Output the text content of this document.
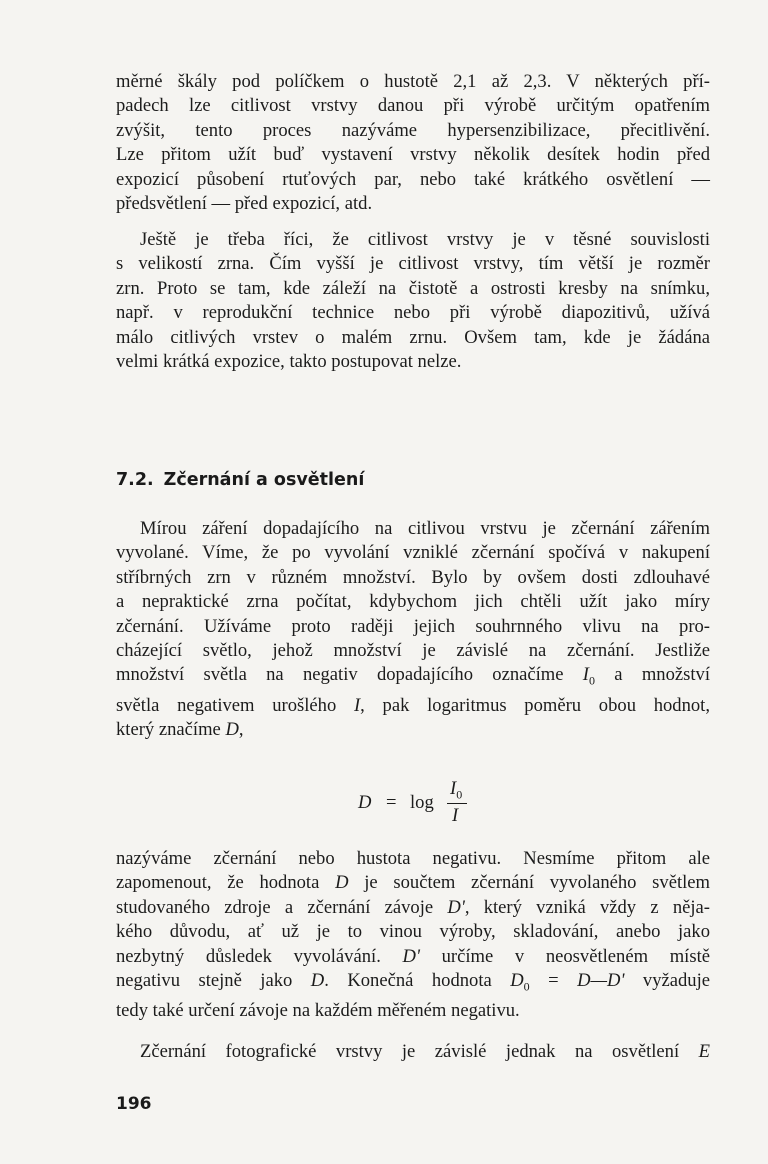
měrné škály pod políčkem o hustotě 2,1 až 2,3. V některých pří-
padech lze citlivost vrstvy danou při výrobě určitým opatřením
zvýšit, tento proces nazýváme hypersenzibilizace, přecitlivění.
Lze přitom užít buď vystavení vrstvy několik desítek hodin před
expozicí působení rtuťových par, nebo také krátkého osvětlení —
předsvětlení — před expozicí, atd.

Ještě je třeba říci, že citlivost vrstvy je v těsné souvislosti
s velikostí zrna. Čím vyšší je citlivost vrstvy, tím větší je rozměr
zrn. Proto se tam, kde záleží na čistotě a ostrosti kresby na snímku,
např. v reprodukční technice nebo při výrobě diapozitivů, užívá
málo citlivých vrstev o malém zrnu. Ovšem tam, kde je žádána
velmi krátká expozice, takto postupovat nelze.

7.2. Zčernání a osvětlení

Mírou záření dopadajícího na citlivou vrstvu je zčernání zářením
vyvolané. Víme, že po vyvolání vzniklé zčernání spočívá v nakupení
stříbrných zrn v různém množství. Bylo by ovšem dosti zdlouhavé
a nepraktické zrna počítat, kdybychom jich chtěli užít jako míry
zčernání. Užíváme proto raději jejich souhrnného vlivu na pro-
cházející světlo, jehož množství je závislé na zčernání. Jestliže
množství světla na negativ dopadajícího označíme $I_0$ a množství
světla negativem urošlého I, pak logaritmus poměru obou hodnot,
který značíme D,

D = log
$I_0$
I

nazýváme zčernání nebo hustota negativu. Nesmíme přitom ale
zapomenout, že hodnota D je součtem zčernání vyvolaného světlem
studovaného zdroje a zčernání závoje D', který vzniká vždy z něja-
kého důvodu, ať už je to vinou výroby, skladování, anebo jako
nezbytný důsledek vyvolávání. D' určíme v neosvětleném místě
negativu stejně jako D. Konečná hodnota $D_0$ = D—D' vyžaduje
tedy také určení závoje na každém měřeném negativu.

Zčernání fotografické vrstvy je závislé jednak na osvětlení E

196
